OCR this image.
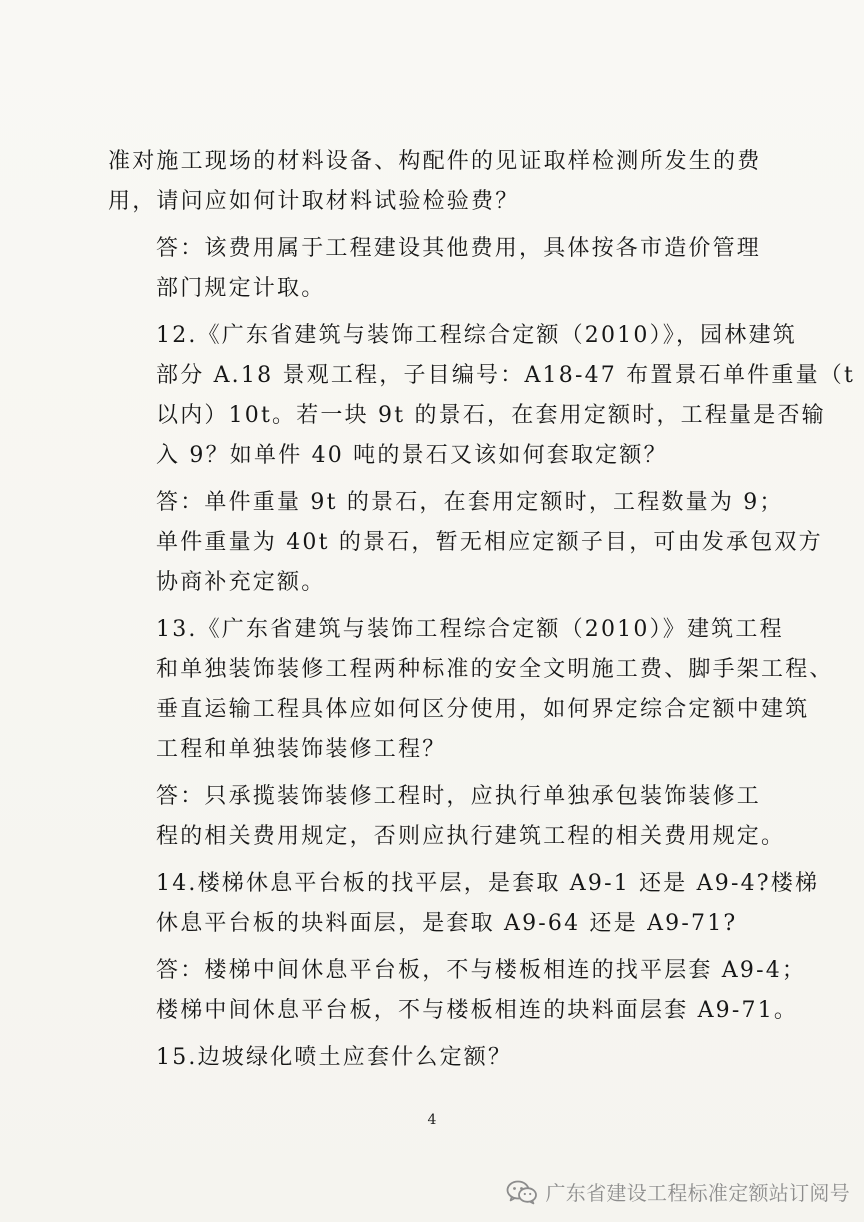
准对施工现场的材料设备、构配件的见证取样检测所发生的费
用，请问应如何计取材料试验检验费？
答：该费用属于工程建设其他费用，具体按各市造价管理
部门规定计取。
12.《广东省建筑与装饰工程综合定额（2010）》，园林建筑
部分 A.18 景观工程，子目编号：A18-47 布置景石单件重量（t
以内）10t。若一块 9t 的景石，在套用定额时，工程量是否输
入 9？如单件 40 吨的景石又该如何套取定额？
答：单件重量 9t 的景石，在套用定额时，工程数量为 9；
单件重量为 40t 的景石，暂无相应定额子目，可由发承包双方
协商补充定额。
13.《广东省建筑与装饰工程综合定额（2010）》建筑工程
和单独装饰装修工程两种标准的安全文明施工费、脚手架工程、
垂直运输工程具体应如何区分使用，如何界定综合定额中建筑
工程和单独装饰装修工程？
答：只承揽装饰装修工程时，应执行单独承包装饰装修工
程的相关费用规定，否则应执行建筑工程的相关费用规定。
14.楼梯休息平台板的找平层，是套取 A9-1 还是 A9-4?楼梯
休息平台板的块料面层，是套取 A9-64 还是 A9-71?
答：楼梯中间休息平台板，不与楼板相连的找平层套 A9-4；
楼梯中间休息平台板，不与楼板相连的块料面层套 A9-71。
15.边坡绿化喷土应套什么定额？
4
广东省建设工程标准定额站订阅号
